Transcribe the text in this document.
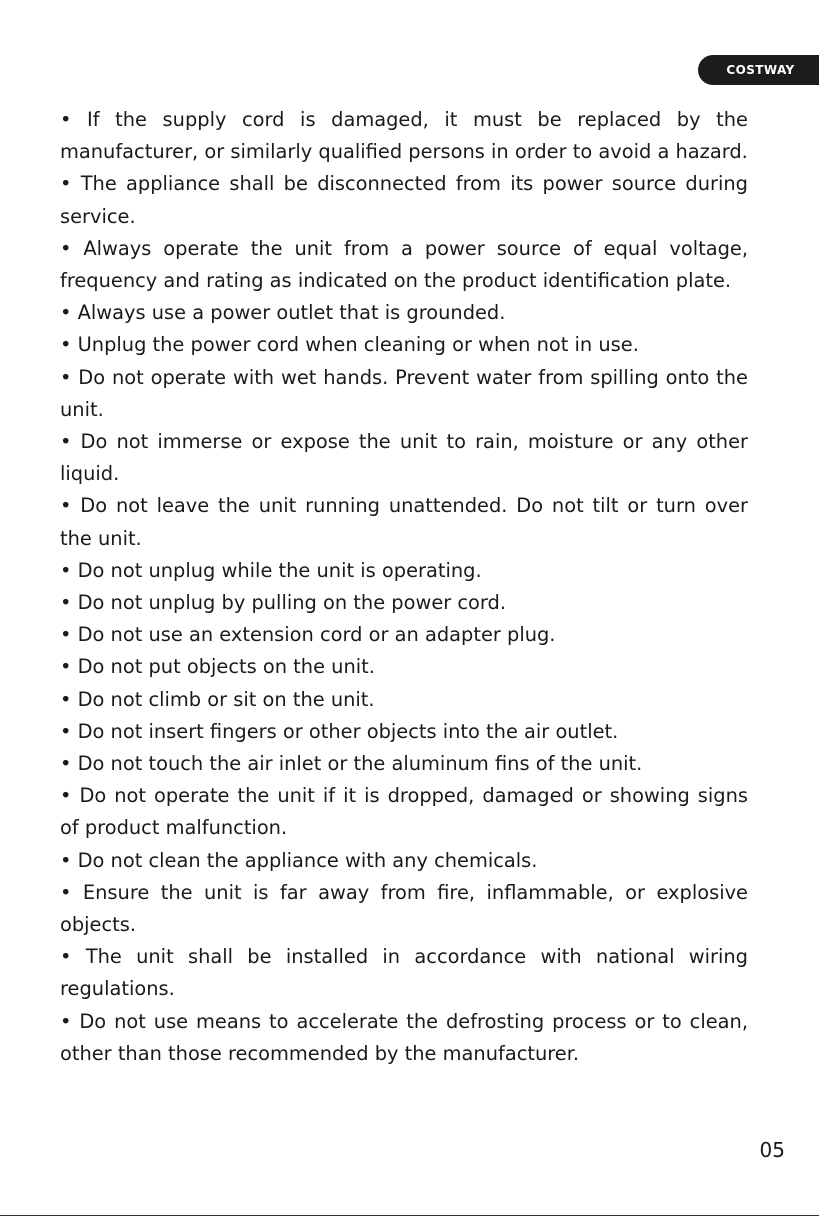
COSTWAY

• If the supply cord is damaged, it must be replaced by the manufacturer, or similarly qualified persons in order to avoid a hazard.

• The appliance shall be disconnected from its power source during service.

• Always operate the unit from a power source of equal voltage, frequency and rating as indicated on the product identification plate.

• Always use a power outlet that is grounded.

• Unplug the power cord when cleaning or when not in use.

• Do not operate with wet hands. Prevent water from spilling onto the unit.

• Do not immerse or expose the unit to rain, moisture or any other liquid.

• Do not leave the unit running unattended. Do not tilt or turn over the unit.

• Do not unplug while the unit is operating.

• Do not unplug by pulling on the power cord.

• Do not use an extension cord or an adapter plug.

• Do not put objects on the unit.

• Do not climb or sit on the unit.

• Do not insert fingers or other objects into the air outlet.

• Do not touch the air inlet or the aluminum fins of the unit.

• Do not operate the unit if it is dropped, damaged or showing signs of product malfunction.

• Do not clean the appliance with any chemicals.

• Ensure the unit is far away from fire, inflammable, or explosive objects.

• The unit shall be installed in accordance with national wiring regulations.

• Do not use means to accelerate the defrosting process or to clean, other than those recommended by the manufacturer.

05
